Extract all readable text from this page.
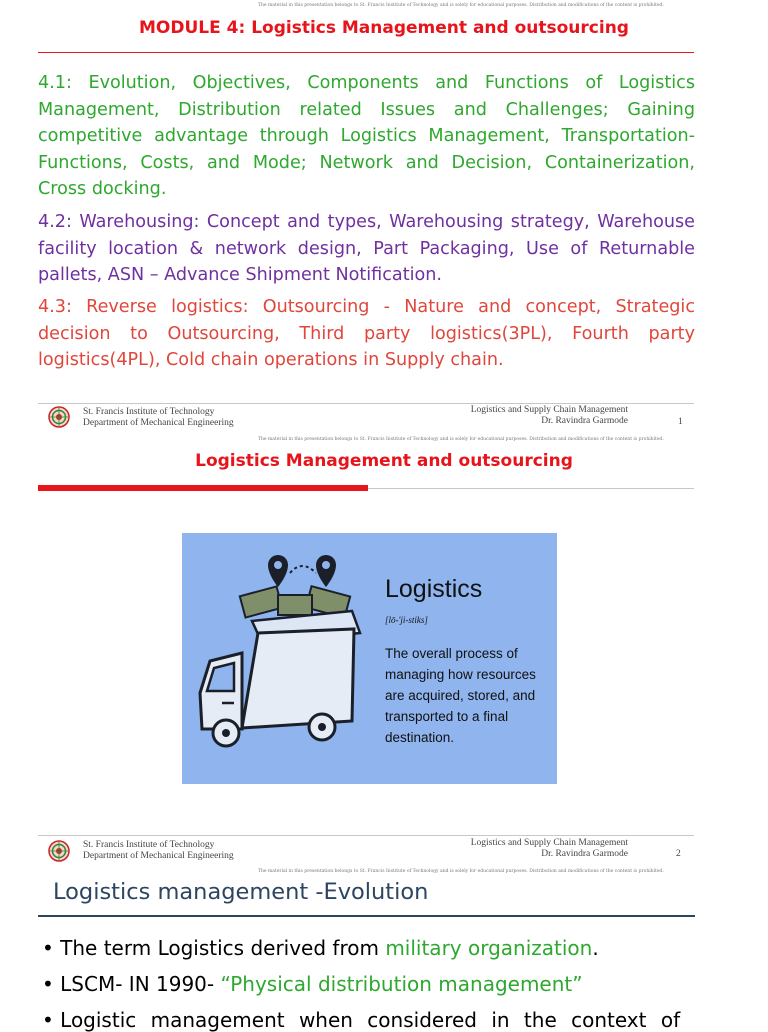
The material in this presentation belongs to St. Francis Institute of Technology and is solely for educational purposes. Distribution and modifications of the content is prohibited.
MODULE 4: Logistics Management and outsourcing
4.1: Evolution, Objectives, Components and Functions of Logistics Management, Distribution related Issues and Challenges; Gaining competitive advantage through Logistics Management, Transportation-Functions, Costs, and Mode; Network and Decision, Containerization, Cross docking.
4.2: Warehousing: Concept and types, Warehousing strategy, Warehouse facility location & network design, Part Packaging, Use of Returnable pallets, ASN – Advance Shipment Notification.
4.3: Reverse logistics: Outsourcing - Nature and concept, Strategic decision to Outsourcing, Third party logistics(3PL), Fourth party logistics(4PL), Cold chain operations in Supply chain.
St. Francis Institute of Technology
Department of Mechanical Engineering
Logistics and Supply Chain Management
Dr. Ravindra Garmode	1
The material in this presentation belongs to St. Francis Institute of Technology and is solely for educational purposes. Distribution and modifications of the content is prohibited.
Logistics Management and outsourcing
Logistics
[lō-'ji-stiks]
The overall process of managing how resources are acquired, stored, and transported to a final destination.
St. Francis Institute of Technology
Department of Mechanical Engineering
Logistics and Supply Chain Management
Dr. Ravindra Garmode	2
The material in this presentation belongs to St. Francis Institute of Technology and is solely for educational purposes. Distribution and modifications of the content is prohibited.
Logistics management -Evolution
• The term Logistics derived from military organization.
• LSCM- IN 1990- “Physical distribution management”
• Logistic management when considered in the context of
